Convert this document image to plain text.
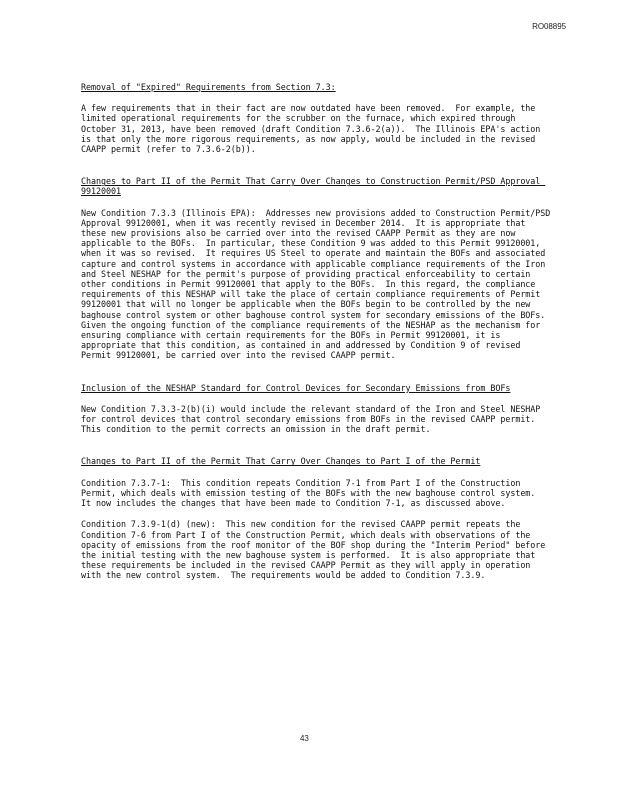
RO08895

Removal of "Expired" Requirements from Section 7.3:

A few requirements that in their fact are now outdated have been removed.  For example, the limited operational requirements for the scrubber on the furnace, which expired through October 31, 2013, have been removed (draft Condition 7.3.6-2(a)).  The Illinois EPA's action is that only the more rigorous requirements, as now apply, would be included in the revised CAAPP permit (refer to 7.3.6-2(b)).

Changes to Part II of the Permit That Carry Over Changes to Construction Permit/PSD Approval 99120001

New Condition 7.3.3 (Illinois EPA):  Addresses new provisions added to Construction Permit/PSD Approval 99120001, when it was recently revised in December 2014.  It is appropriate that these new provisions also be carried over into the revised CAAPP Permit as they are now applicable to the BOFs.  In particular, these Condition 9 was added to this Permit 99120001, when it was so revised.  It requires US Steel to operate and maintain the BOFs and associated capture and control systems in accordance with applicable compliance requirements of the Iron and Steel NESHAP for the permit's purpose of providing practical enforceability to certain other conditions in Permit 99120001 that apply to the BOFs.  In this regard, the compliance requirements of this NESHAP will take the place of certain compliance requirements of Permit 99120001 that will no longer be applicable when the BOFs begin to be controlled by the new baghouse control system or other baghouse control system for secondary emissions of the BOFs.  Given the ongoing function of the compliance requirements of the NESHAP as the mechanism for ensuring compliance with certain requirements for the BOFs in Permit 99120001, it is appropriate that this condition, as contained in and addressed by Condition 9 of revised Permit 99120001, be carried over into the revised CAAPP permit.

Inclusion of the NESHAP Standard for Control Devices for Secondary Emissions from BOFs

New Condition 7.3.3-2(b)(i) would include the relevant standard of the Iron and Steel NESHAP for control devices that control secondary emissions from BOFs in the revised CAAPP permit.  This condition to the permit corrects an omission in the draft permit.

Changes to Part II of the Permit That Carry Over Changes to Part I of the Permit

Condition 7.3.7-1:  This condition repeats Condition 7-1 from Part I of the Construction Permit, which deals with emission testing of the BOFs with the new baghouse control system.  It now includes the changes that have been made to Condition 7-1, as discussed above.

Condition 7.3.9-1(d) (new):  This new condition for the revised CAAPP permit repeats the Condition 7-6 from Part I of the Construction Permit, which deals with observations of the opacity of emissions from the roof monitor of the BOF shop during the "Interim Period" before the initial testing with the new baghouse system is performed.  It is also appropriate that these requirements be included in the revised CAAPP Permit as they will apply in operation with the new control system.  The requirements would be added to Condition 7.3.9.

43
